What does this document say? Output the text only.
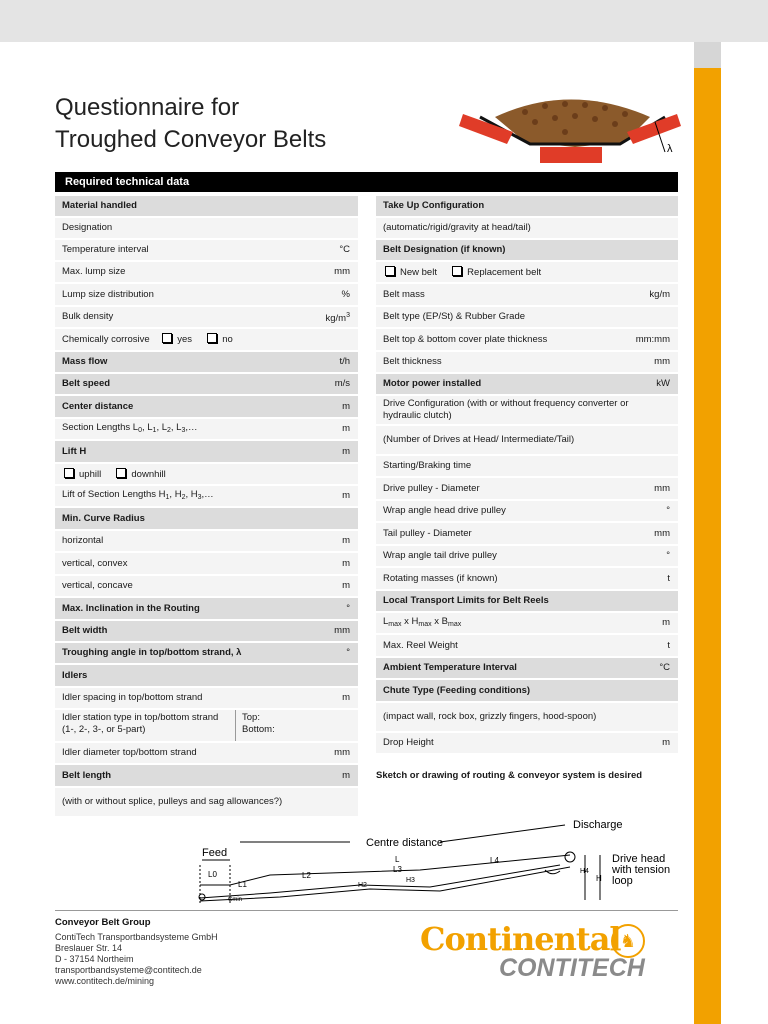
Questionnaire for
Troughed Conveyor Belts	λ
Required technical data
Material handled
Designation
Temperature interval	°C
Max. lump size	mm
Lump size distribution	%
Bulk density	$kg/m^3$
Chemically corrosive    yes     no
Mass flow	t/h
Belt speed	m/s
Center distance	m
Section Lengths $L_0$, $L_1$, $L_2$, $L_3,\dots$	m
Lift H	m
uphill     downhill
Lift of Section Lengths $H_1$, $H_2$, $H_3,\dots$	m
Min. Curve Radius
horizontal	m
vertical, convex	m
vertical, concave	m
Max. Inclination in the Routing	°
Belt width	mm
Troughing angle in top/bottom strand, λ	°
Idlers
Idler spacing in top/bottom strand	m
Idler station type in top/bottom strand (1-, 2-, 3-, or 5-part)
Top:
Bottom:
Idler diameter top/bottom strand	mm
Belt length	m
(with or without splice, pulleys and sag allowances?)
Take Up Configuration
(automatic/rigid/gravity at head/tail)
Belt Designation (if known)
New belt     Replacement belt
Belt mass	kg/m
Belt type (EP/St) & Rubber Grade
Belt top & bottom cover plate thickness	mm:mm
Belt thickness	mm
Motor power installed	kW
Drive Configuration (with or without frequency converter or hydraulic clutch)
(Number of Drives at Head/ Intermediate/Tail)
Starting/Braking time
Drive pulley - Diameter	mm
Wrap angle head drive pulley	°
Tail pulley - Diameter	mm
Wrap angle tail drive pulley	°
Rotating masses (if known)	t
Local Transport Limits for Belt Reels
$L_{max}$ x $H_{max}$ x $B_{max}$	m
Max. Reel Weight	t
Ambient Temperature Interval	°C
Chute Type (Feeding conditions)
(impact wall, rock box, grizzly fingers, hood-spoon)
Drop Height	m
Sketch or drawing of routing & conveyor system is desired
Discharge
Centre distance
Feed	Drive head
with tension
loop
L0
L1
L2
L
L3
L4
H
H4
H2
H3
Cmin
Conveyor Belt Group
ContiTech Transportbandsysteme GmbH
Breslauer Str. 14
D - 37154 Northeim
transportbandsysteme@contitech.de
www.contitech.de/mining
Continental ♞
CONTITECH
